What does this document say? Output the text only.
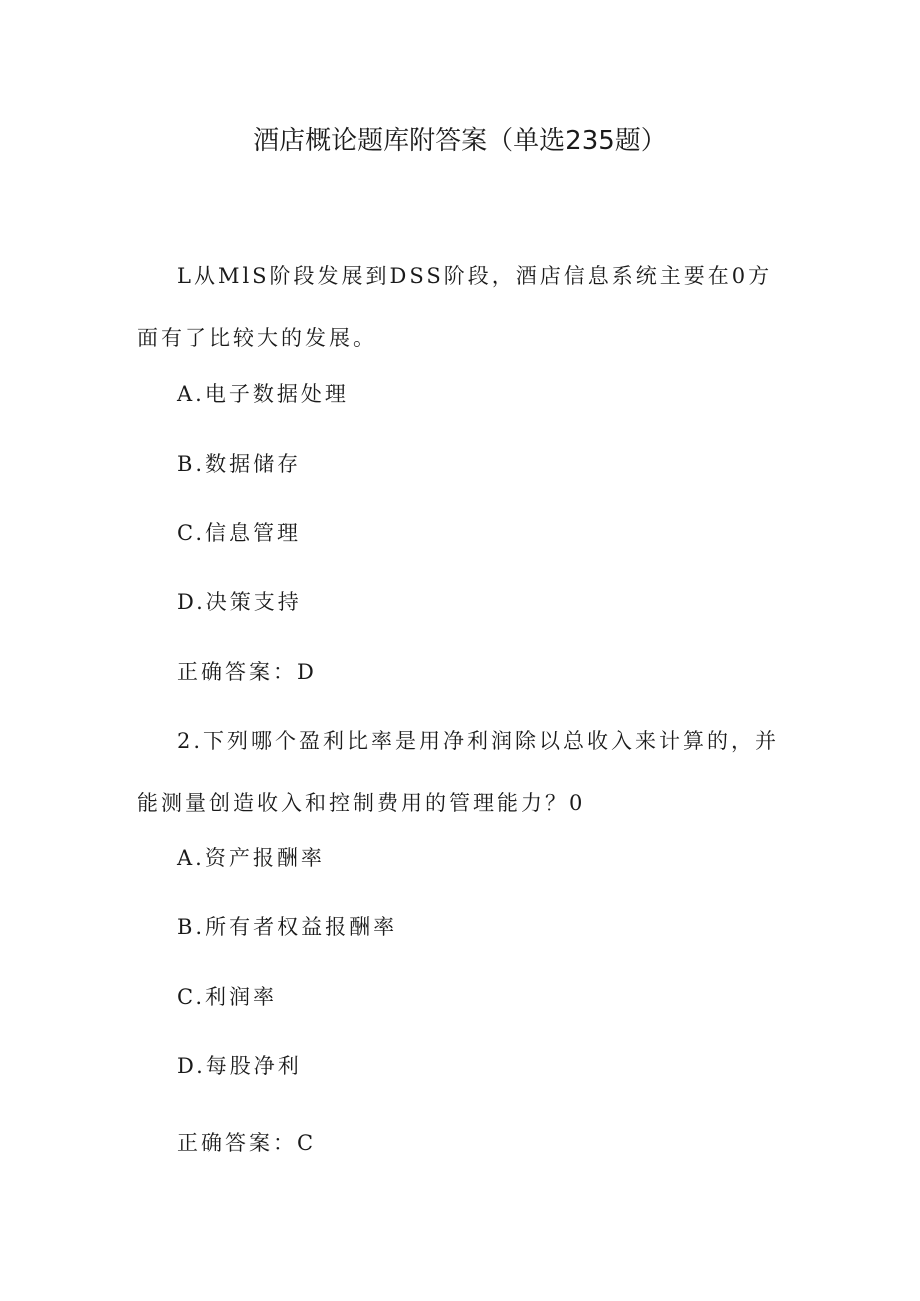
酒店概论题库附答案（单选235题）
L从MlS阶段发展到DSS阶段，酒店信息系统主要在0方面有了比较大的发展。
A.电子数据处理
B.数据储存
C.信息管理
D.决策支持
正确答案：D
2.下列哪个盈利比率是用净利润除以总收入来计算的，并能测量创造收入和控制费用的管理能力？0
A.资产报酬率
B.所有者权益报酬率
C.利润率
D.每股净利
正确答案：C
